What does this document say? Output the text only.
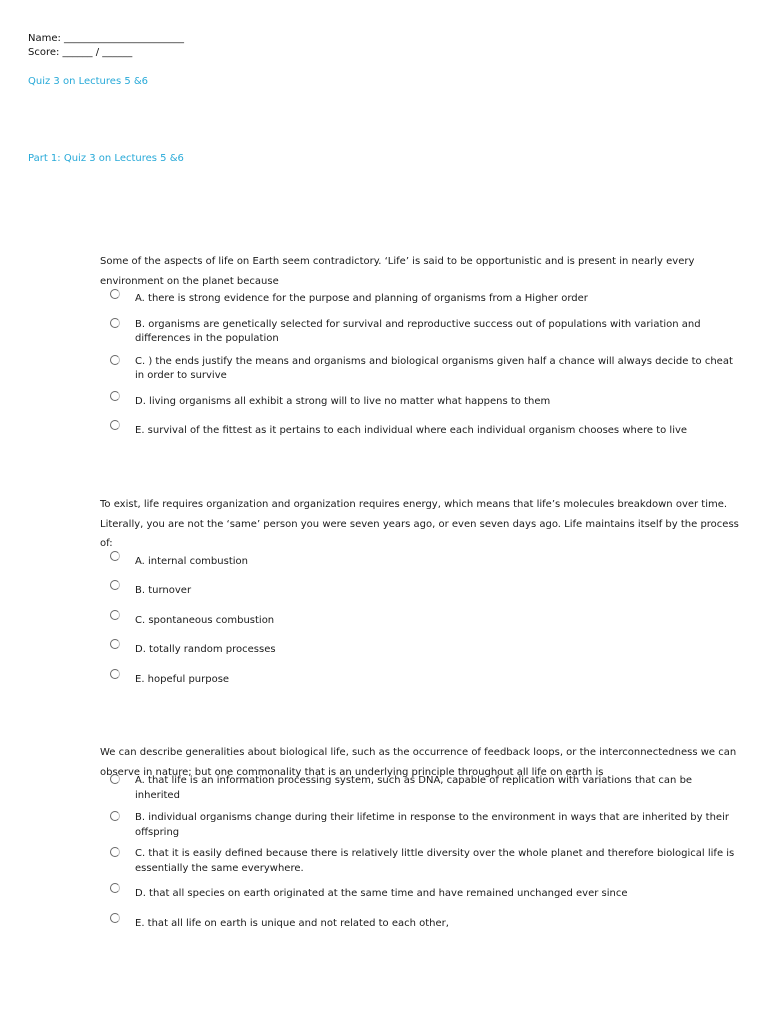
Name: ________________________
Score: ______ / ______
Quiz 3 on Lectures 5 &6
Part 1: Quiz 3 on Lectures 5 &6
Some of the aspects of life on Earth seem contradictory. ‘Life’ is said to be opportunistic and is present in nearly every environment on the planet because
A. there is strong evidence for the purpose and planning of organisms from a Higher order
B. organisms are genetically selected for survival and reproductive success out of populations with variation and differences in the population
C. ) the ends justify the means and organisms and biological organisms given half a chance will always decide to cheat in order to survive
D. living organisms all exhibit a strong will to live no matter what happens to them
E. survival of the fittest as it pertains to each individual where each individual organism chooses where to live
To exist, life requires organization and organization requires energy, which means that life’s molecules breakdown over time. Literally, you are not the ‘same’ person you were seven years ago, or even seven days ago. Life maintains itself by the process of:
A. internal combustion
B. turnover
C. spontaneous combustion
D. totally random processes
E. hopeful purpose
We can describe generalities about biological life, such as the occurrence of feedback loops, or the interconnectedness we can observe in nature; but one commonality that is an underlying principle throughout all life on earth is
A. that life is an information processing system, such as DNA, capable of replication with variations that can be inherited
B. individual organisms change during their lifetime in response to the environment in ways that are inherited by their offspring
C. that it is easily defined because there is relatively little diversity over the whole planet and therefore biological life is essentially the same everywhere.
D. that all species on earth originated at the same time and have remained unchanged ever since
E. that all life on earth is unique and not related to each other,
